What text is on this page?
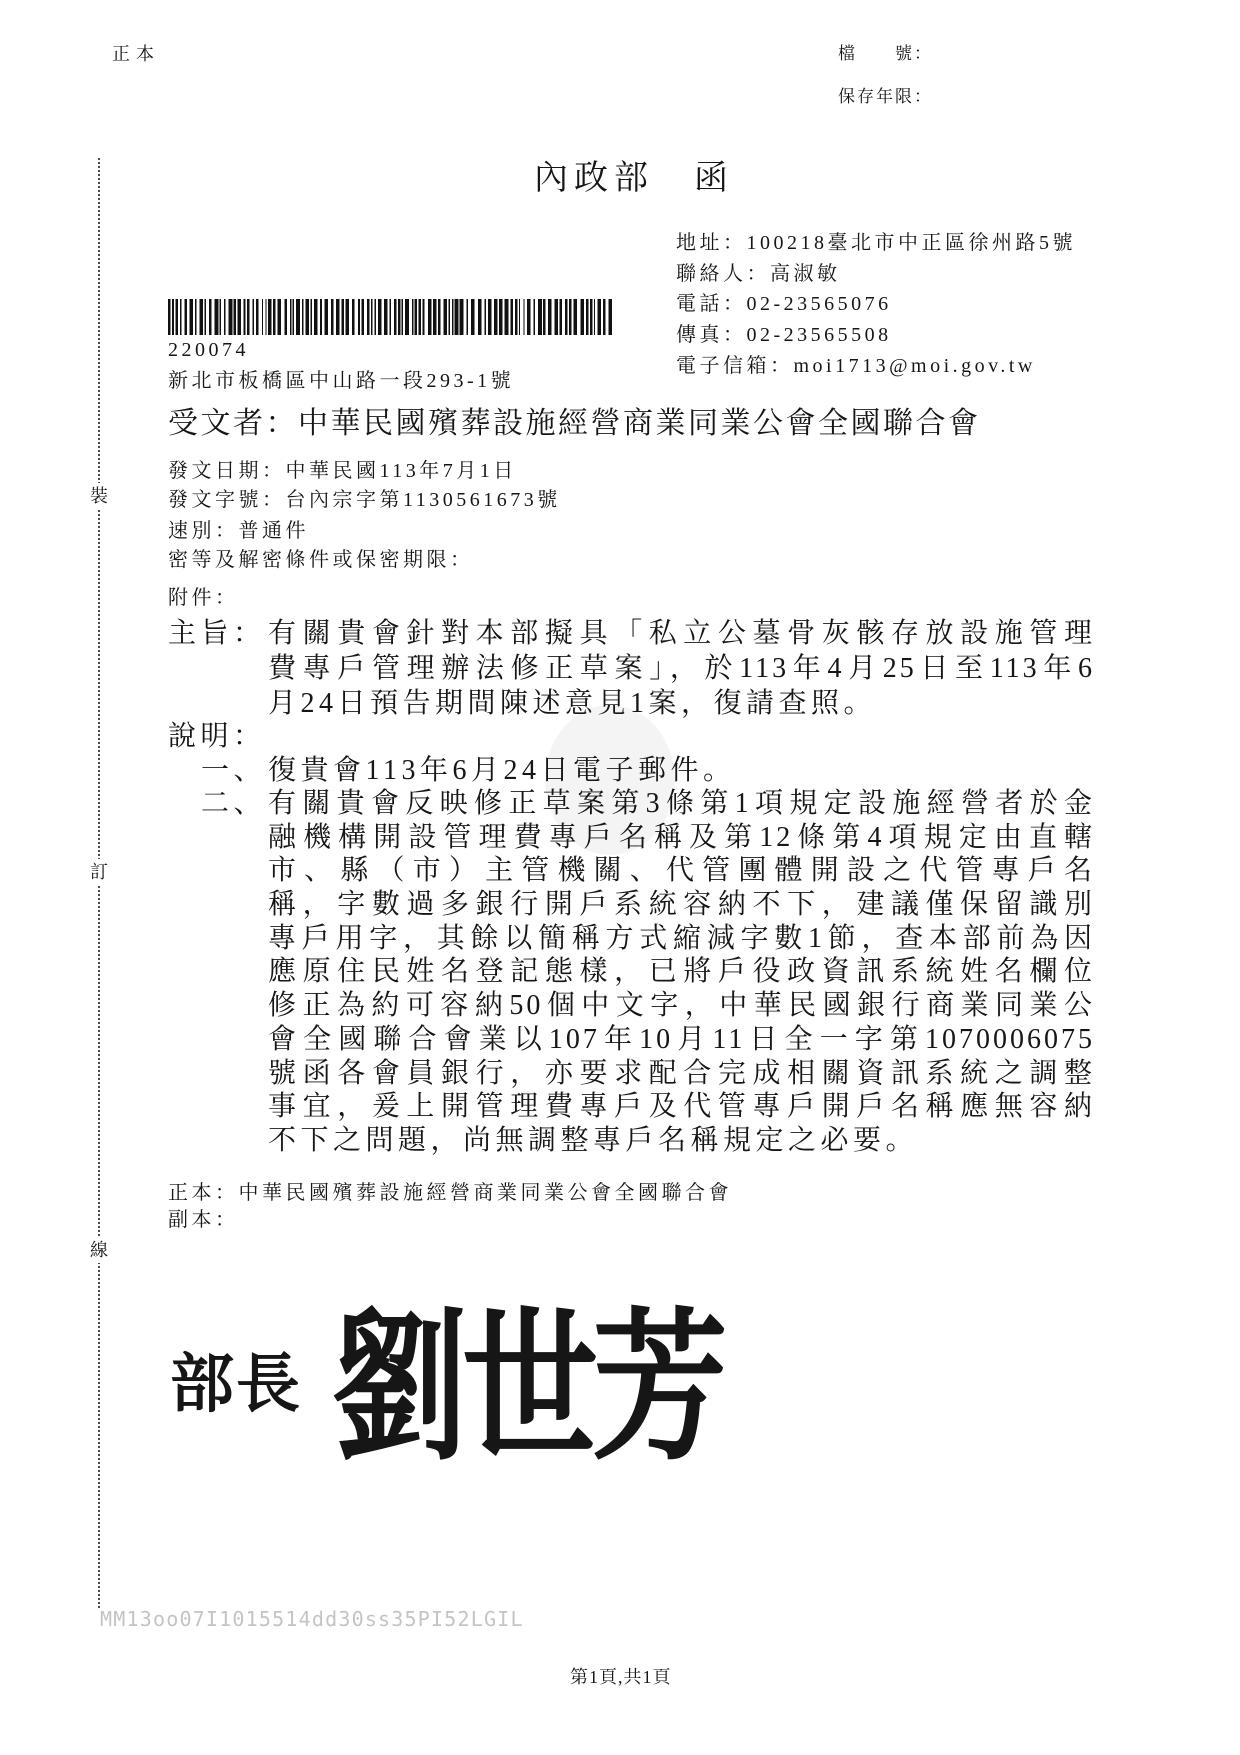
正本	檔　　號：
保存年限：
裝
訂
線
內政部　函
地址：100218臺北市中正區徐州路5號
聯絡人：高淑敏
電話：02-23565076
傳真：02-23565508
電子信箱：moi1713@moi.gov.tw
220074
新北市板橋區中山路一段293-1號
受文者：中華民國殯葬設施經營商業同業公會全國聯合會
發文日期：中華民國113年7月1日
發文字號：台內宗字第1130561673號
速別：普通件
密等及解密條件或保密期限：
附件：
主旨： 有關貴會針對本部擬具「私立公墓骨灰骸存放設施管理
費專戶管理辦法修正草案」，於113年4月25日至113年6
月24日預告期間陳述意見1案，復請查照。
說明：
一、 復貴會113年6月24日電子郵件。
二、 有關貴會反映修正草案第3條第1項規定設施經營者於金
融機構開設管理費專戶名稱及第12條第4項規定由直轄
市、縣（市）主管機關、代管團體開設之代管專戶名
稱，字數過多銀行開戶系統容納不下，建議僅保留識別
專戶用字，其餘以簡稱方式縮減字數1節，查本部前為因
應原住民姓名登記態樣，已將戶役政資訊系統姓名欄位
修正為約可容納50個中文字，中華民國銀行商業同業公
會全國聯合會業以107年10月11日全一字第1070006075
號函各會員銀行，亦要求配合完成相關資訊系統之調整
事宜，爰上開管理費專戶及代管專戶開戶名稱應無容納
不下之問題，尚無調整專戶名稱規定之必要。
正本：中華民國殯葬設施經營商業同業公會全國聯合會
副本：
部長 劉世芳
MM13oo07I1015514dd30ss35PI52LGIL
第1頁,共1頁
